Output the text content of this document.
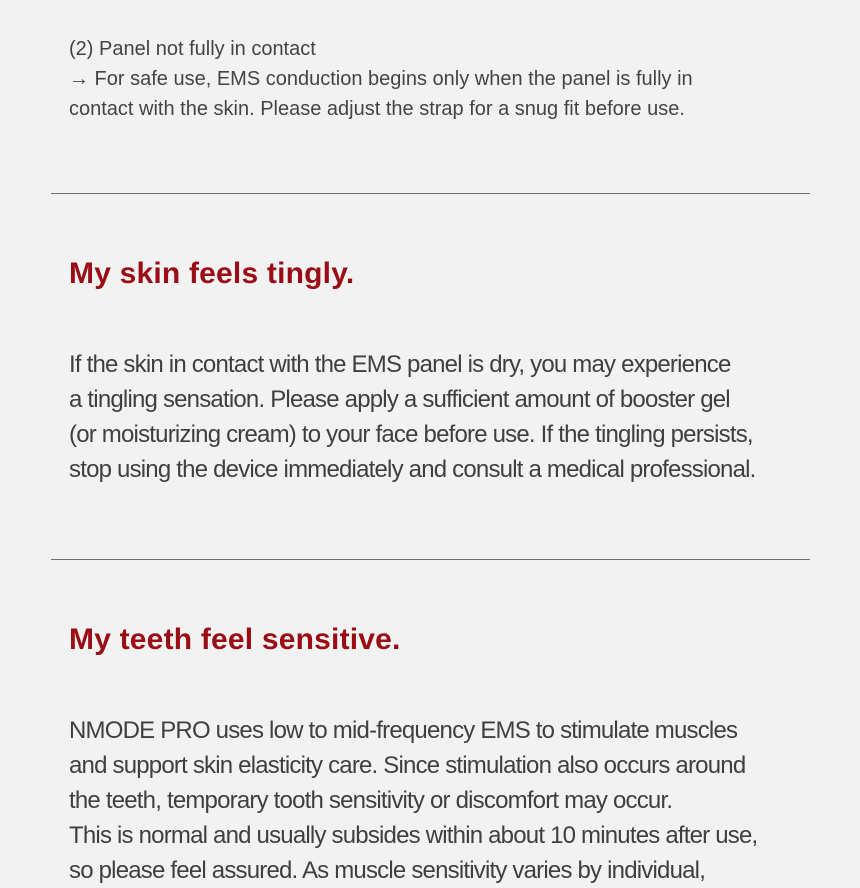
(2) Panel not fully in contact
→ For safe use, EMS conduction begins only when the panel is fully in
contact with the skin. Please adjust the strap for a snug fit before use.
My skin feels tingly.
If the skin in contact with the EMS panel is dry, you may experience
a tingling sensation. Please apply a sufficient amount of booster gel
(or moisturizing cream) to your face before use. If the tingling persists,
stop using the device immediately and consult a medical professional.
My teeth feel sensitive.
NMODE PRO uses low to mid-frequency EMS to stimulate muscles
and support skin elasticity care. Since stimulation also occurs around
the teeth, temporary tooth sensitivity or discomfort may occur.
This is normal and usually subsides within about 10 minutes after use,
so please feel assured. As muscle sensitivity varies by individual,
